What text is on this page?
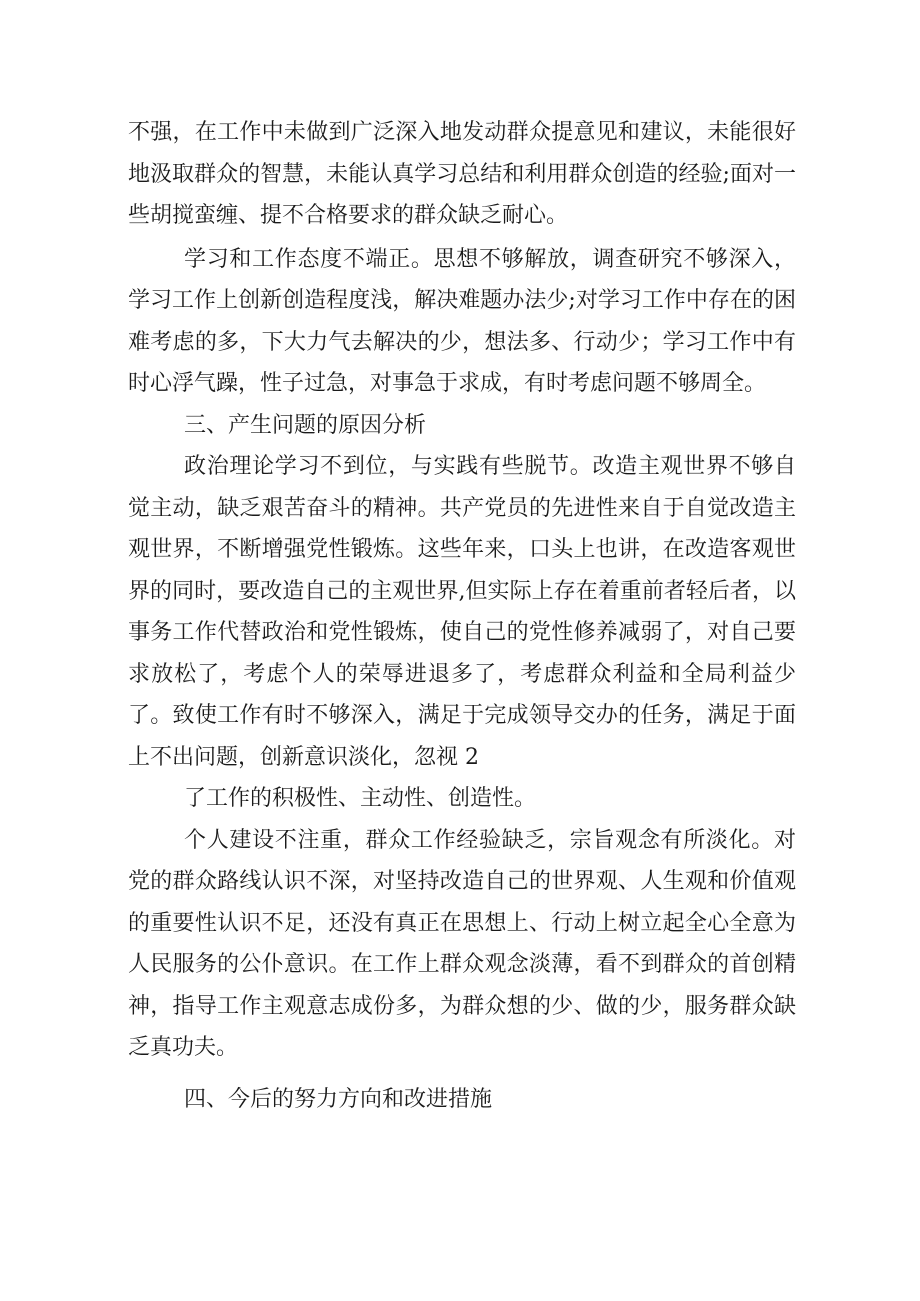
不强，在工作中未做到广泛深入地发动群众提意见和建议，未能很好地汲取群众的智慧，未能认真学习总结和利用群众创造的经验;面对一些胡搅蛮缠、提不合格要求的群众缺乏耐心。

学习和工作态度不端正。思想不够解放，调查研究不够深入，学习工作上创新创造程度浅，解决难题办法少;对学习工作中存在的困难考虑的多，下大力气去解决的少，想法多、行动少；学习工作中有时心浮气躁，性子过急，对事急于求成，有时考虑问题不够周全。

三、产生问题的原因分析

政治理论学习不到位，与实践有些脱节。改造主观世界不够自觉主动，缺乏艰苦奋斗的精神。共产党员的先进性来自于自觉改造主观世界，不断增强党性锻炼。这些年来，口头上也讲，在改造客观世界的同时，要改造自己的主观世界,但实际上存在着重前者轻后者，以事务工作代替政治和党性锻炼，使自己的党性修养减弱了，对自己要求放松了，考虑个人的荣辱进退多了，考虑群众利益和全局利益少了。致使工作有时不够深入，满足于完成领导交办的任务，满足于面上不出问题，创新意识淡化，忽视 2

了工作的积极性、主动性、创造性。

个人建设不注重，群众工作经验缺乏，宗旨观念有所淡化。对党的群众路线认识不深，对坚持改造自己的世界观、人生观和价值观的重要性认识不足，还没有真正在思想上、行动上树立起全心全意为人民服务的公仆意识。在工作上群众观念淡薄，看不到群众的首创精神，指导工作主观意志成份多，为群众想的少、做的少，服务群众缺乏真功夫。

四、今后的努力方向和改进措施
